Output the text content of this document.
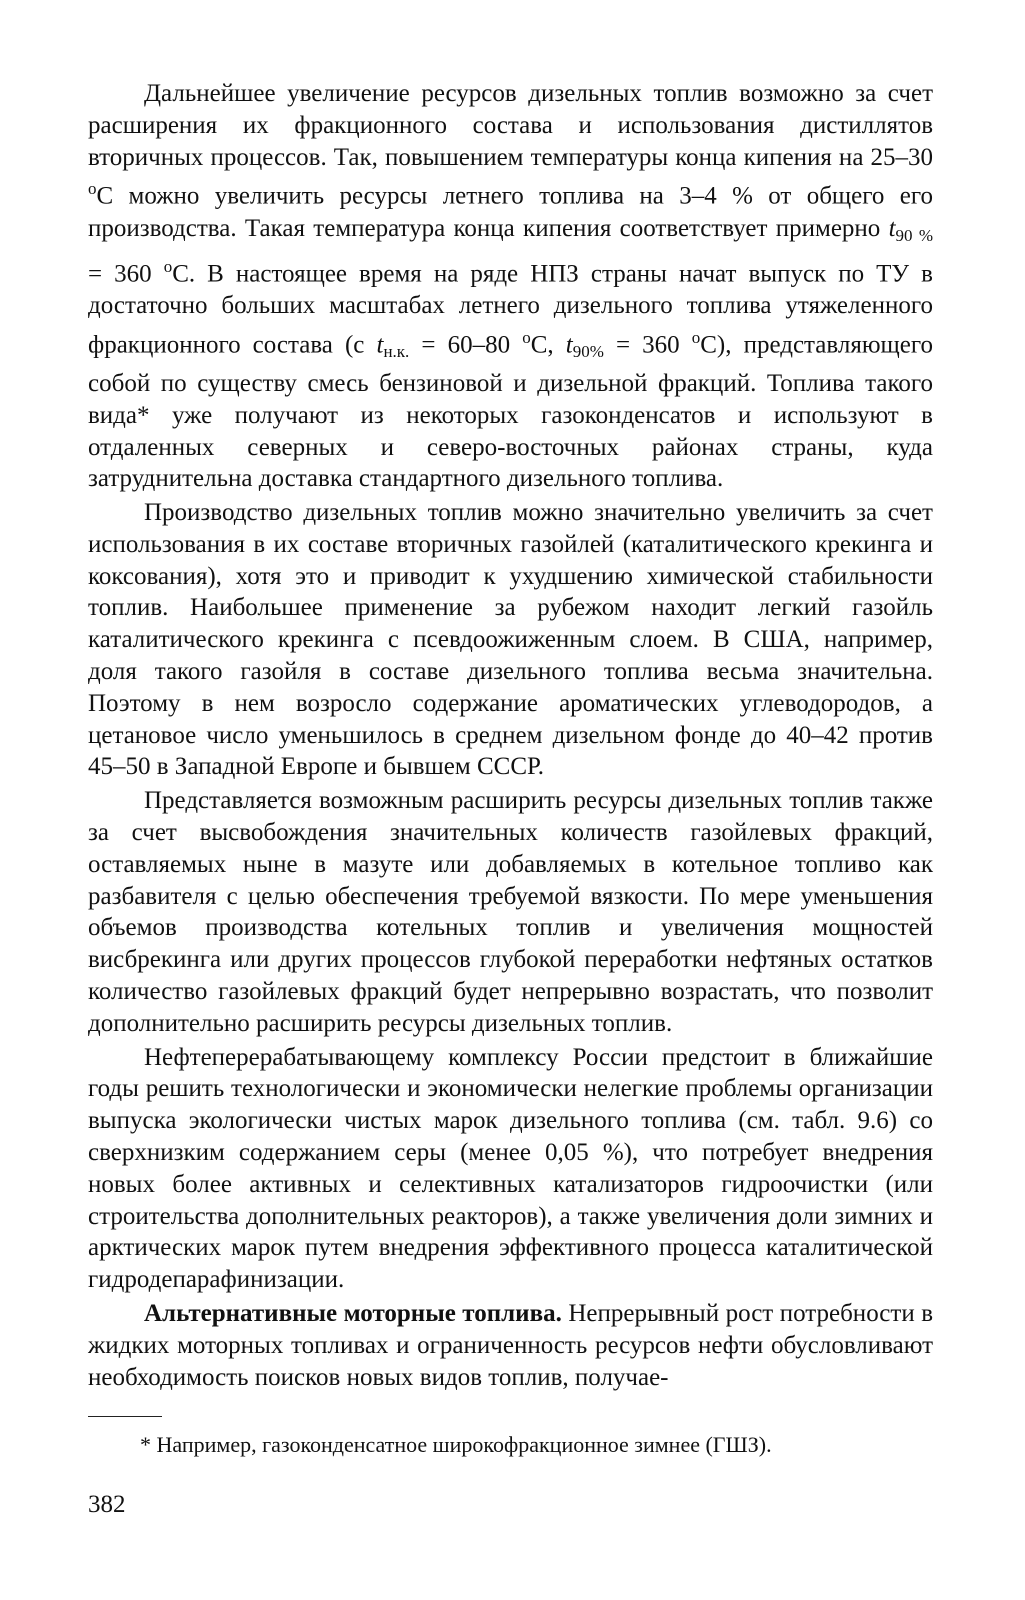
Дальнейшее увеличение ресурсов дизельных топлив возможно за счет расширения их фракционного состава и использования дистиллятов вторичных процессов. Так, повышением температуры конца кипения на 25–30 $^o$С можно увеличить ресурсы летнего топлива на 3–4 % от общего его производства. Такая температура конца кипения соответствует примерно $t_{90 \%} = 360$ $^o$С. В настоящее время на ряде НПЗ страны начат выпуск по ТУ в достаточно больших масштабах летнего дизельного топлива утяжеленного фракционного состава (с $t_{н.к.} = 60-80$ $^o$С, $t_{90\%} = 360$ $^o$С), представляющего собой по существу смесь бензиновой и дизельной фракций. Топлива такого вида* уже получают из некоторых газоконденсатов и используют в отдаленных северных и северо-восточных районах страны, куда затруднительна доставка стандартного дизельного топлива.

Производство дизельных топлив можно значительно увеличить за счет использования в их составе вторичных газойлей (каталитического крекинга и коксования), хотя это и приводит к ухудшению химической стабильности топлив. Наибольшее применение за рубежом находит легкий газойль каталитического крекинга с псевдоожиженным слоем. В США, например, доля такого газойля в составе дизельного топлива весьма значительна. Поэтому в нем возросло содержание ароматических углеводородов, а цетановое число уменьшилось в среднем дизельном фонде до 40–42 против 45–50 в Западной Европе и бывшем СССР.

Представляется возможным расширить ресурсы дизельных топлив также за счет высвобождения значительных количеств газойлевых фракций, оставляемых ныне в мазуте или добавляемых в котельное топливо как разбавителя с целью обеспечения требуемой вязкости. По мере уменьшения объемов производства котельных топлив и увеличения мощностей висбрекинга или других процессов глубокой переработки нефтяных остатков количество газойлевых фракций будет непрерывно возрастать, что позволит дополнительно расширить ресурсы дизельных топлив.

Нефтеперерабатывающему комплексу России предстоит в ближайшие годы решить технологически и экономически нелегкие проблемы организации выпуска экологически чистых марок дизельного топлива (см. табл. 9.6) со сверхнизким содержанием серы (менее 0,05 %), что потребует внедрения новых более активных и селективных катализаторов гидроочистки (или строительства дополнительных реакторов), а также увеличения доли зимних и арктических марок путем внедрения эффективного процесса каталитической гидродепарафинизации.

Альтернативные моторные топлива. Непрерывный рост потребности в жидких моторных топливах и ограниченность ресурсов нефти обусловливают необходимость поисков новых видов топлив, получае-

* Например, газоконденсатное широкофракционное зимнее (ГШЗ).
382
